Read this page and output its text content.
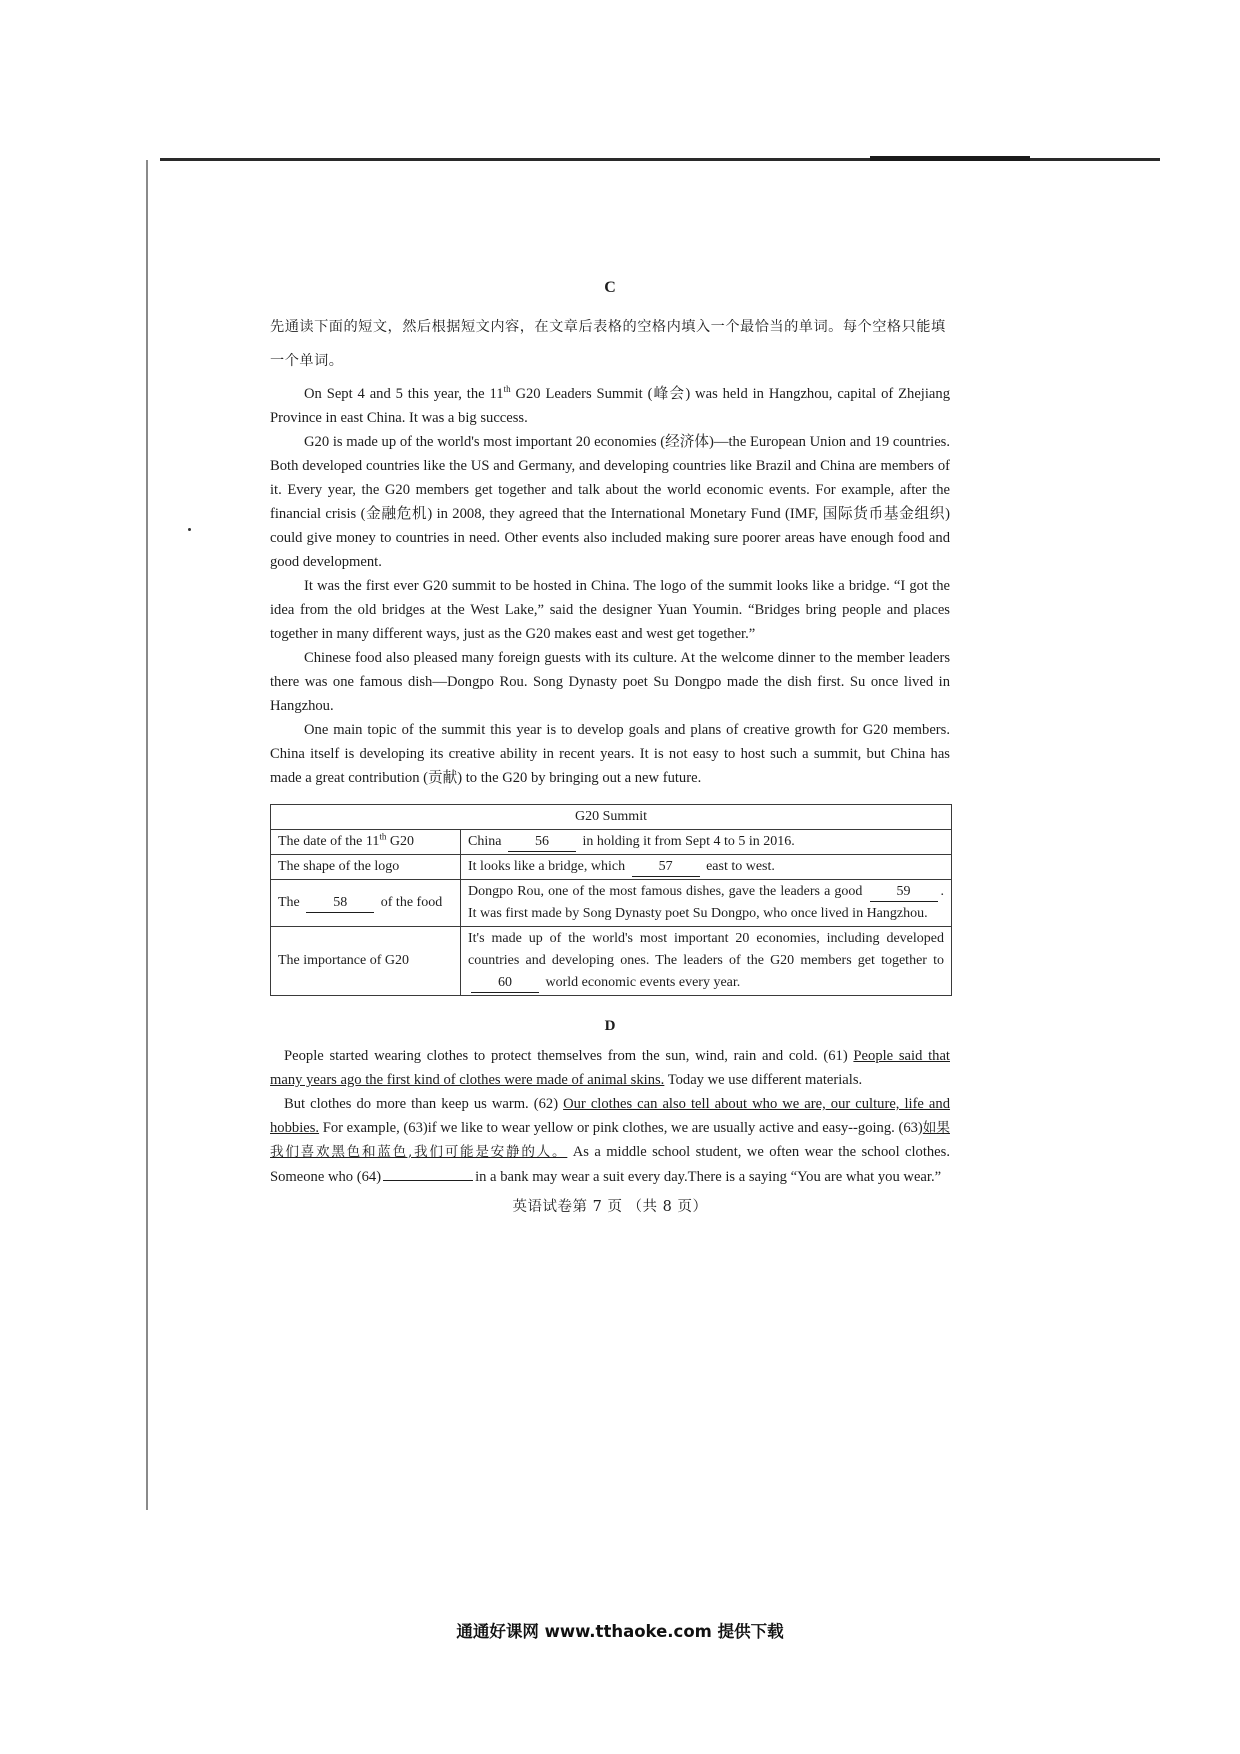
C

先通读下面的短文，然后根据短文内容，在文章后表格的空格内填入一个最恰当的单词。每个空格只能填一个单词。

On Sept 4 and 5 this year, the 11th G20 Leaders Summit (峰会) was held in Hangzhou, capital of Zhejiang Province in east China. It was a big success.

G20 is made up of the world's most important 20 economies (经济体)—the European Union and 19 countries. Both developed countries like the US and Germany, and developing countries like Brazil and China are members of it. Every year, the G20 members get together and talk about the world economic events. For example, after the financial crisis (金融危机) in 2008, they agreed that the International Monetary Fund (IMF, 国际货币基金组织) could give money to countries in need. Other events also included making sure poorer areas have enough food and good development.

It was the first ever G20 summit to be hosted in China. The logo of the summit looks like a bridge. “I got the idea from the old bridges at the West Lake,” said the designer Yuan Youmin. “Bridges bring people and places together in many different ways, just as the G20 makes east and west get together.”

Chinese food also pleased many foreign guests with its culture. At the welcome dinner to the member leaders there was one famous dish—Dongpo Rou. Song Dynasty poet Su Dongpo made the dish first. Su once lived in Hangzhou.

One main topic of the summit this year is to develop goals and plans of creative growth for G20 members. China itself is developing its creative ability in recent years. It is not easy to host such a summit, but China has made a great contribution (贡献) to the G20 by bringing out a new future.

G20 Summit	
The date of the 11th G20	China 56 in holding it from Sept 4 to 5 in 2016.
The shape of the logo	It looks like a bridge, which 57 east to west.
The 58 of the food	Dongpo Rou, one of the most famous dishes, gave the leaders a good 59 . It was first made by Song Dynasty poet Su Dongpo, who once lived in Hangzhou.
The importance of G20	It's made up of the world's most important 20 economies, including developed countries and developing ones. The leaders of the G20 members get together to 60 world economic events every year.
D

People started wearing clothes to protect themselves from the sun, wind, rain and cold. (61) People said that many years ago the first kind of clothes were made of animal skins. Today we use different materials.

But clothes do more than keep us warm. (62) Our clothes can also tell about who we are, our culture, life and hobbies. For example, (63)if we like to wear yellow or pink clothes, we are usually active and easy--going. (63)如果我们喜欢黑色和蓝色,我们可能是安静的人。 As a middle school student, we often wear the school clothes. Someone who (64)	in a bank may wear a suit every day.There is a saying “You are what you wear.”

英语试卷第 7 页 （共 8 页）
通通好课网 www.tthaoke.com 提供下载
